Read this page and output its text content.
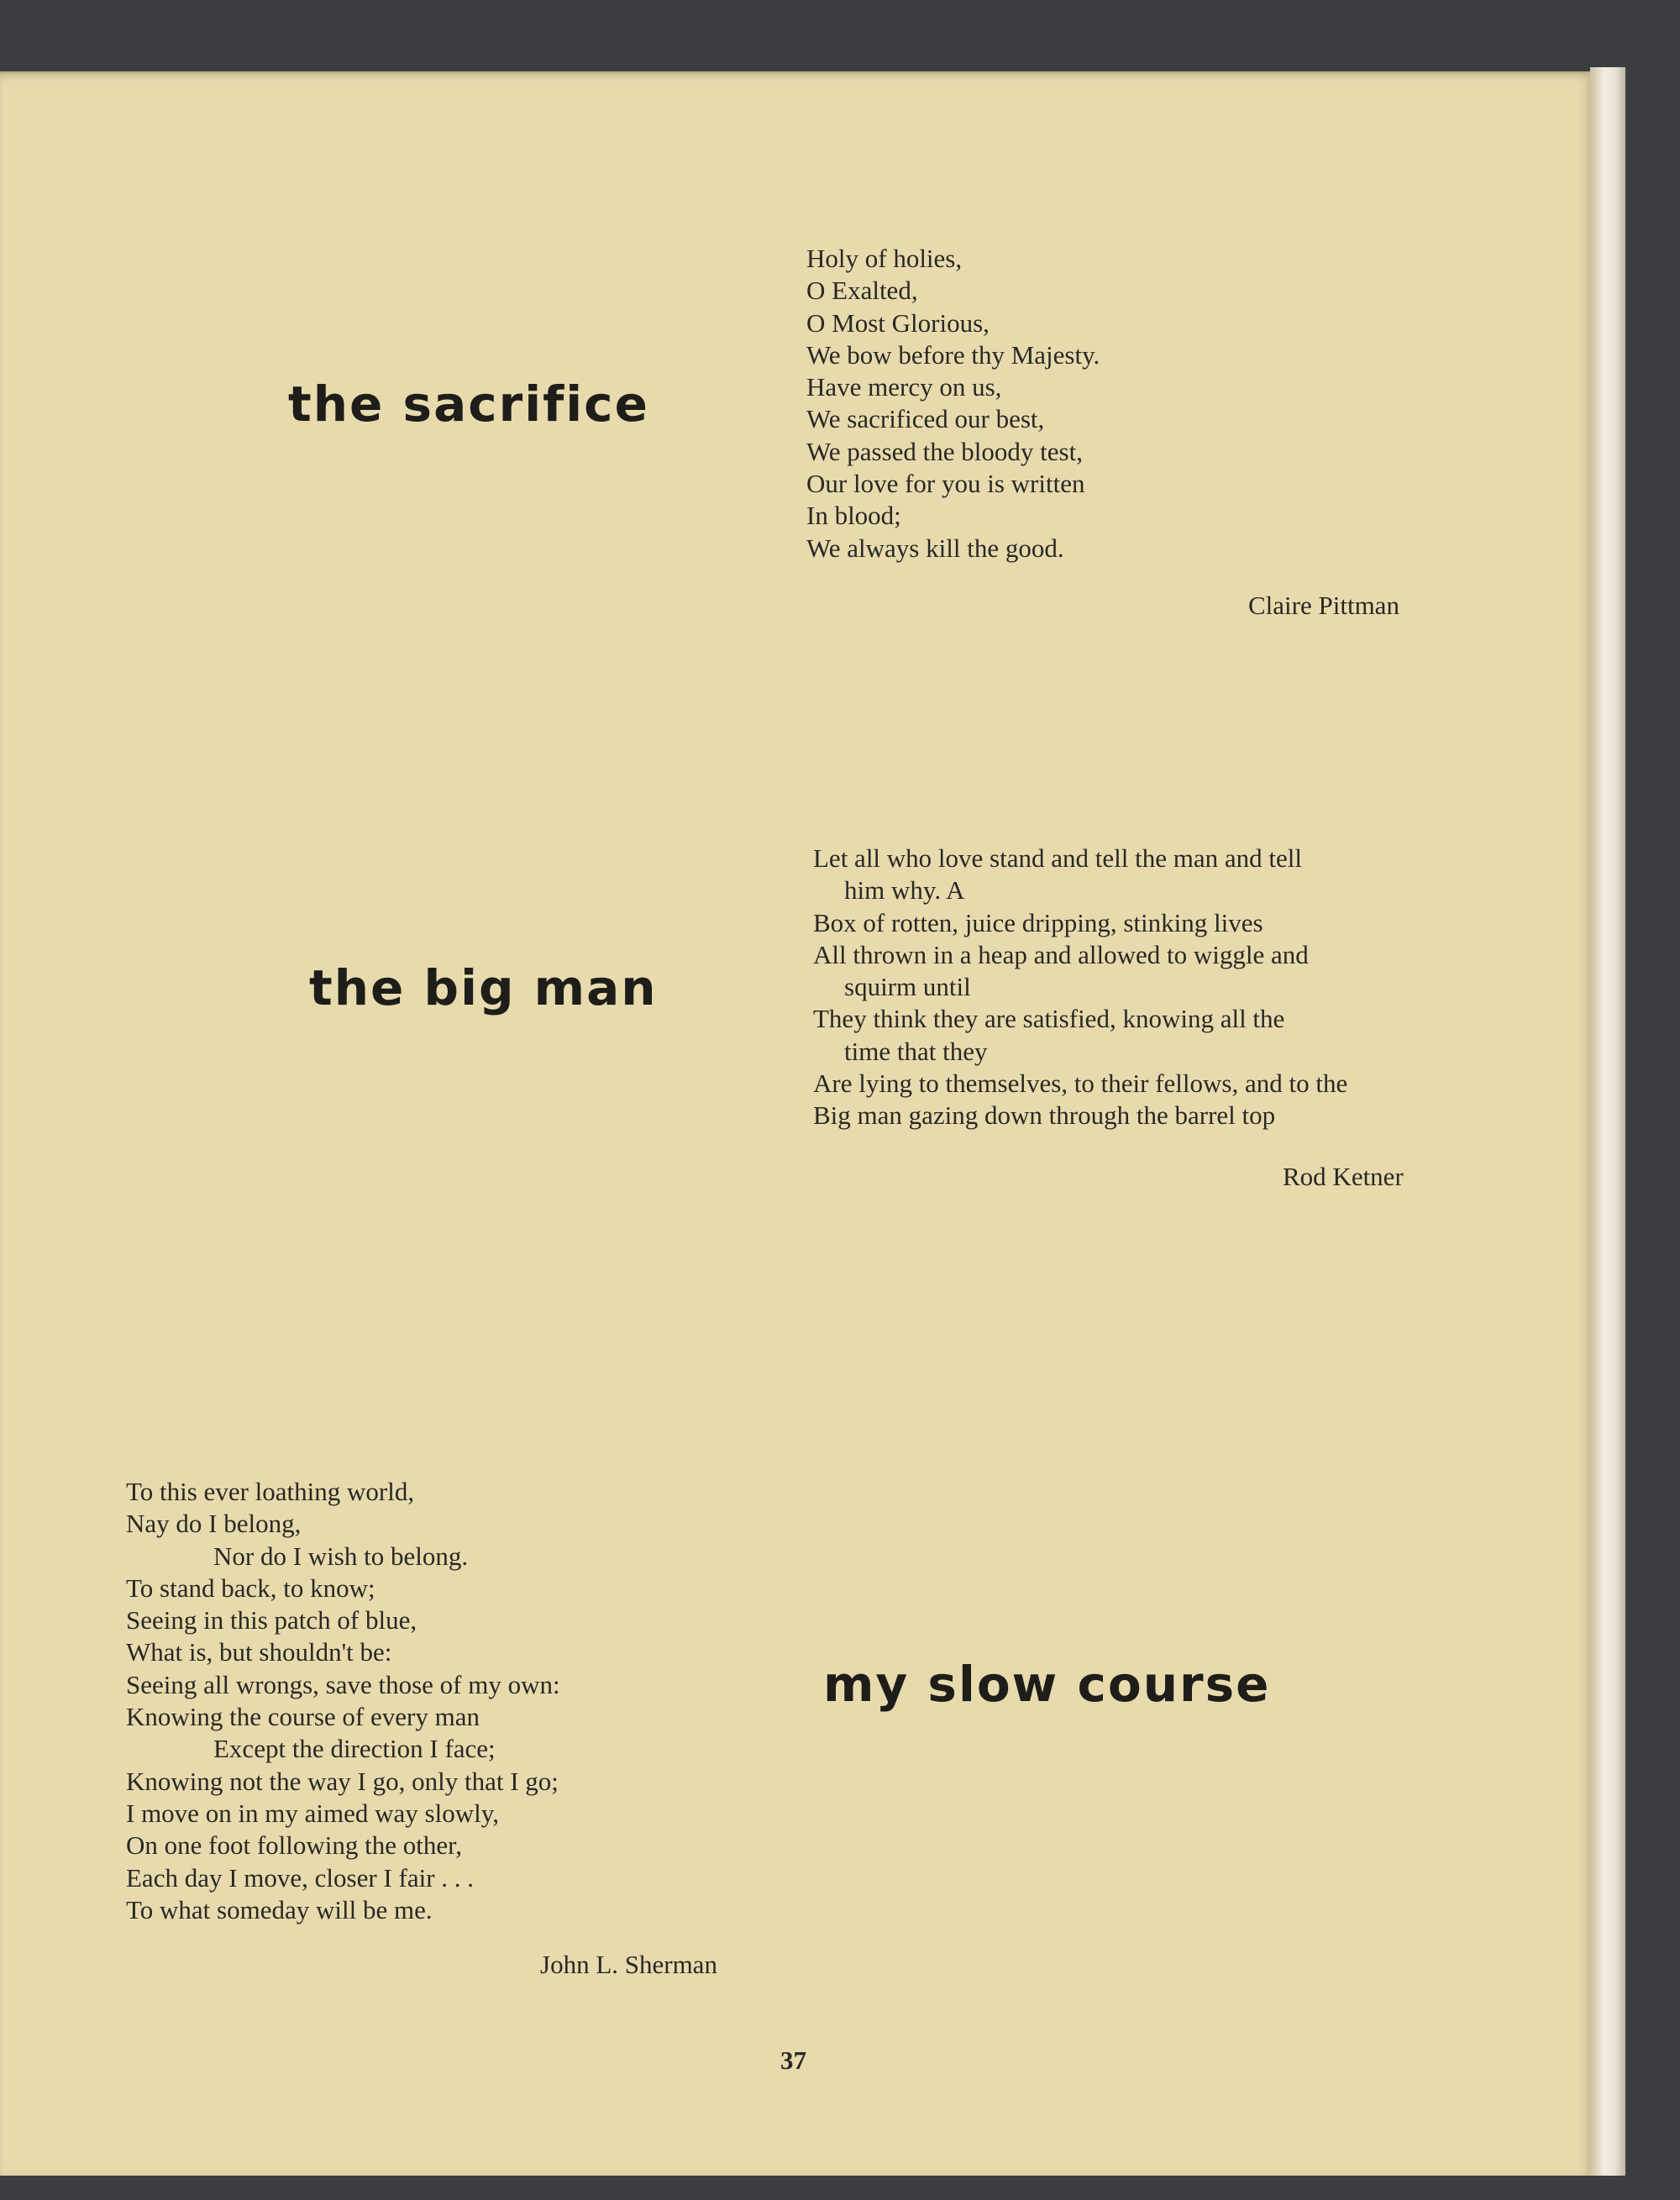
the sacrifice
Holy of holies,
O Exalted,
O Most Glorious,
We bow before thy Majesty.
Have mercy on us,
We sacrificed our best,
We passed the bloody test,
Our love for you is written
In blood;
We always kill the good.
Claire Pittman
the big man
Let all who love stand and tell the man and tell
him why. A
Box of rotten, juice dripping, stinking lives
All thrown in a heap and allowed to wiggle and
squirm until
They think they are satisfied, knowing all the
time that they
Are lying to themselves, to their fellows, and to the
Big man gazing down through the barrel top
Rod Ketner
my slow course
To this ever loathing world,
Nay do I belong,
Nor do I wish to belong.
To stand back, to know;
Seeing in this patch of blue,
What is, but shouldn't be:
Seeing all wrongs, save those of my own:
Knowing the course of every man
Except the direction I face;
Knowing not the way I go, only that I go;
I move on in my aimed way slowly,
On one foot following the other,
Each day I move, closer I fair . . .
To what someday will be me.
John L. Sherman
37
